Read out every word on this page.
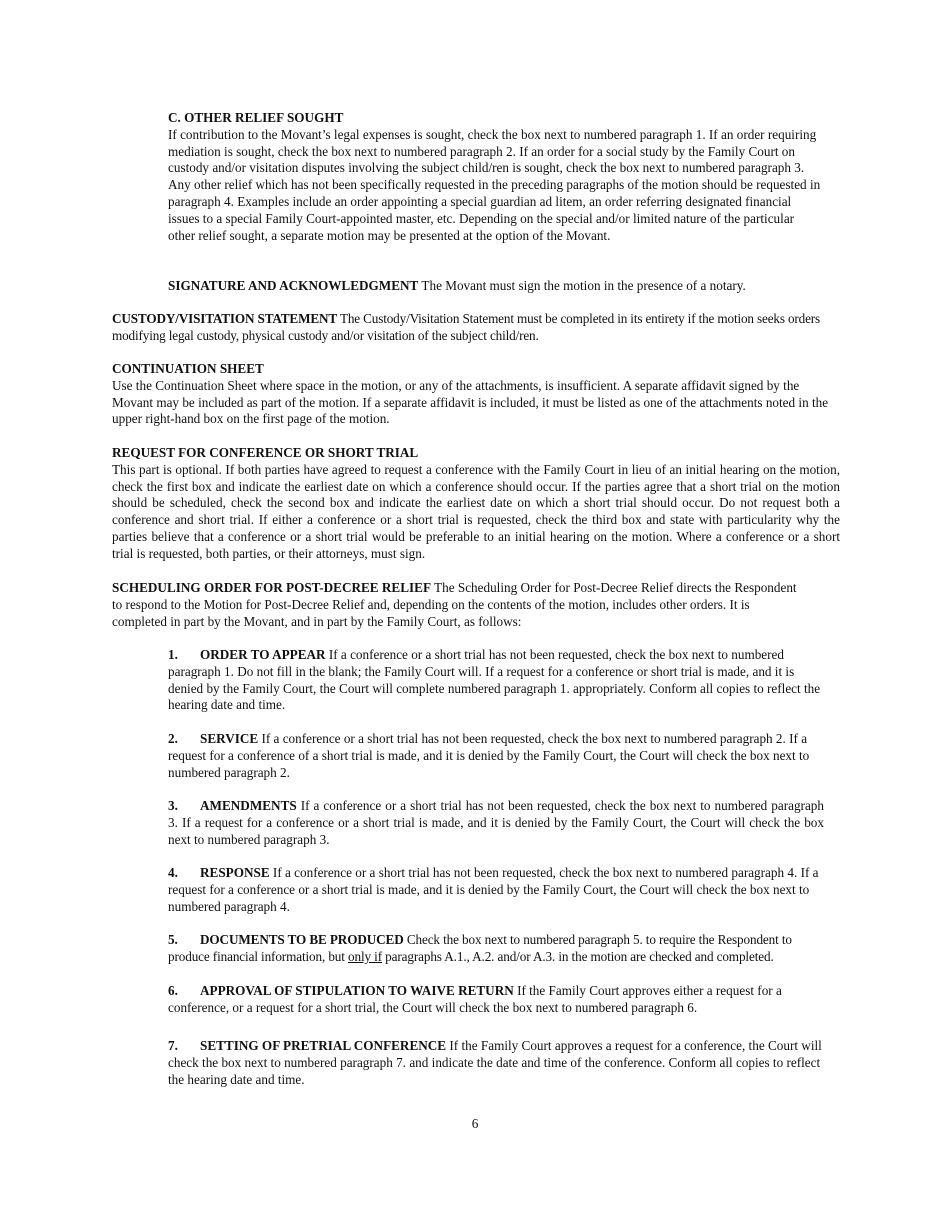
C. OTHER RELIEF SOUGHT
If contribution to the Movant’s legal expenses is sought, check the box next to numbered paragraph 1. If an order requiring mediation is sought, check the box next to numbered paragraph 2. If an order for a social study by the Family Court on custody and/or visitation disputes involving the subject child/ren is sought, check the box next to numbered paragraph 3. Any other relief which has not been specifically requested in the preceding paragraphs of the motion should be requested in paragraph 4. Examples include an order appointing a special guardian ad litem, an order referring designated financial issues to a special Family Court-appointed master, etc. Depending on the special and/or limited nature of the particular other relief sought, a separate motion may be presented at the option of the Movant.

SIGNATURE AND ACKNOWLEDGMENT The Movant must sign the motion in the presence of a notary.

CUSTODY/VISITATION STATEMENT The Custody/Visitation Statement must be completed in its entirety if the motion seeks orders modifying legal custody, physical custody and/or visitation of the subject child/ren.

CONTINUATION SHEET
Use the Continuation Sheet where space in the motion, or any of the attachments, is insufficient. A separate affidavit signed by the Movant may be included as part of the motion. If a separate affidavit is included, it must be listed as one of the attachments noted in the upper right-hand box on the first page of the motion.

REQUEST FOR CONFERENCE OR SHORT TRIAL
This part is optional. If both parties have agreed to request a conference with the Family Court in lieu of an initial hearing on the motion, check the first box and indicate the earliest date on which a conference should occur. If the parties agree that a short trial on the motion should be scheduled, check the second box and indicate the earliest date on which a short trial should occur. Do not request both a conference and short trial. If either a conference or a short trial is requested, check the third box and state with particularity why the parties believe that a conference or a short trial would be preferable to an initial hearing on the motion. Where a conference or a short trial is requested, both parties, or their attorneys, must sign.

SCHEDULING ORDER FOR POST-DECREE RELIEF The Scheduling Order for Post-Decree Relief directs the Respondent to respond to the Motion for Post-Decree Relief and, depending on the contents of the motion, includes other orders. It is completed in part by the Movant, and in part by the Family Court, as follows:

1. ORDER TO APPEAR If a conference or a short trial has not been requested, check the box next to numbered paragraph 1. Do not fill in the blank; the Family Court will. If a request for a conference or short trial is made, and it is denied by the Family Court, the Court will complete numbered paragraph 1. appropriately. Conform all copies to reflect the hearing date and time.

2. SERVICE If a conference or a short trial has not been requested, check the box next to numbered paragraph 2. If a request for a conference of a short trial is made, and it is denied by the Family Court, the Court will check the box next to numbered paragraph 2.

3. AMENDMENTS If a conference or a short trial has not been requested, check the box next to numbered paragraph 3. If a request for a conference or a short trial is made, and it is denied by the Family Court, the Court will check the box next to numbered paragraph 3.

4. RESPONSE If a conference or a short trial has not been requested, check the box next to numbered paragraph 4. If a request for a conference or a short trial is made, and it is denied by the Family Court, the Court will check the box next to numbered paragraph 4.

5. DOCUMENTS TO BE PRODUCED Check the box next to numbered paragraph 5. to require the Respondent to produce financial information, but only if paragraphs A.1., A.2. and/or A.3. in the motion are checked and completed.

6. APPROVAL OF STIPULATION TO WAIVE RETURN If the Family Court approves either a request for a conference, or a request for a short trial, the Court will check the box next to numbered paragraph 6.

7. SETTING OF PRETRIAL CONFERENCE If the Family Court approves a request for a conference, the Court will check the box next to numbered paragraph 7. and indicate the date and time of the conference. Conform all copies to reflect the hearing date and time.

6
